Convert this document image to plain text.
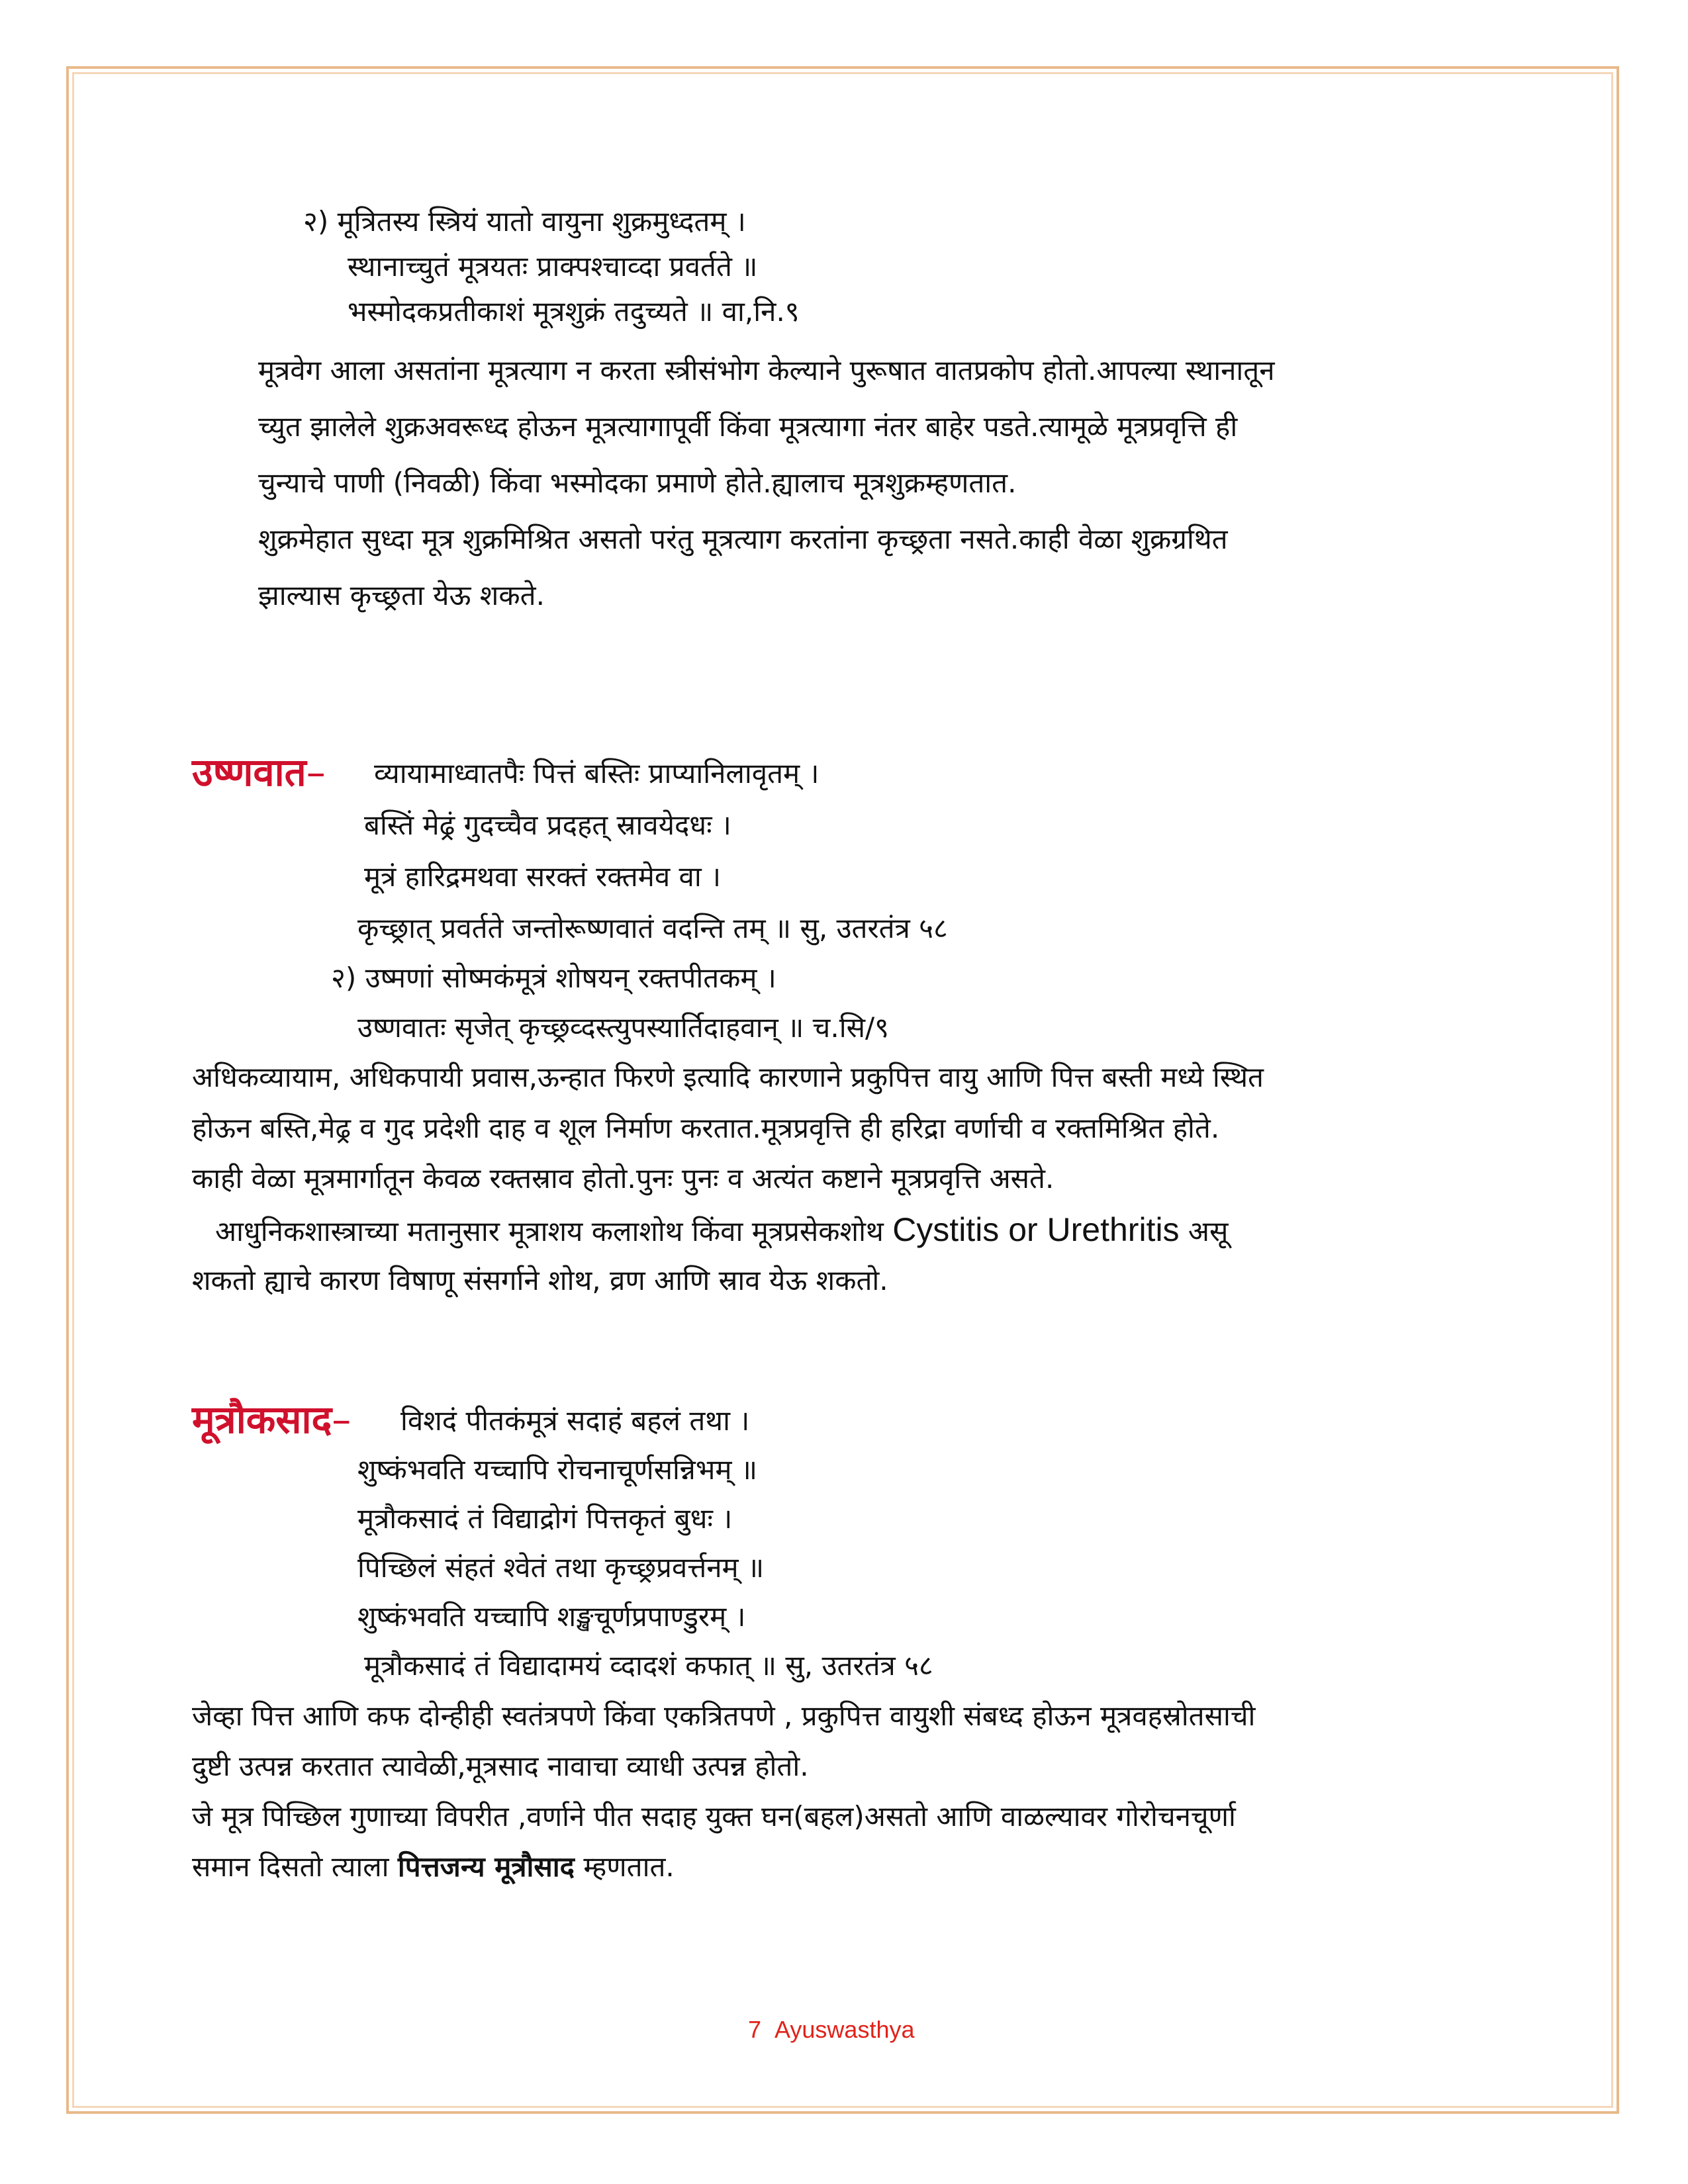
२) मूत्रितस्य स्त्रियं यातो वायुना शुक्रमुध्दतम् ।
स्थानाच्चुतं मूत्रयतः प्राक्पश्चाव्दा प्रवर्तते ॥
भस्मोदकप्रतीकाशं मूत्रशुक्रं तदुच्यते ॥ वा,नि.९
मूत्रवेग आला असतांना मूत्रत्याग न करता स्त्रीसंभोग केल्याने पुरूषात वातप्रकोप होतो.आपल्या स्थानातून
च्युत झालेले शुक्रअवरूध्द होऊन मूत्रत्यागापूर्वी किंवा मूत्रत्यागा नंतर बाहेर पडते.त्यामूळे मूत्रप्रवृत्ति ही
चुन्याचे पाणी (निवळी) किंवा भस्मोदका प्रमाणे होते.ह्यालाच मूत्रशुक्रम्हणतात.
शुक्रमेहात सुध्दा मूत्र शुक्रमिश्रित असतो परंतु मूत्रत्याग करतांना कृच्छ्रता नसते.काही वेळा शुक्रग्रथित
झाल्यास कृच्छ्रता येऊ शकते.
उष्णवात– व्यायामाध्वातपैः पित्तं बस्तिः प्राप्यानिलावृतम् ।
बस्तिं मेढ्रं गुदच्चैव प्रदहत् स्रावयेदधः ।
मूत्रं हारिद्रमथवा सरक्तं रक्तमेव वा ।
कृच्छ्रात् प्रवर्तते जन्तोरूष्णवातं वदन्ति तम् ॥ सु, उतरतंत्र ५८
२) उष्मणां सोष्मकंमूत्रं शोषयन् रक्तपीतकम् ।
उष्णवातः सृजेत् कृच्छ्रव्दस्त्युपस्यार्तिदाहवान् ॥ च.सि/९
अधिकव्यायाम, अधिकपायी प्रवास,ऊन्हात फिरणे इत्यादि कारणाने प्रकुपित्त वायु आणि पित्त बस्ती मध्ये स्थित
होऊन बस्ति,मेढ्र व गुद प्रदेशी दाह व शूल निर्माण करतात.मूत्रप्रवृत्ति ही हरिद्रा वर्णाची व रक्तमिश्रित होते.
काही वेळा मूत्रमार्गातून केवळ रक्तस्राव होतो.पुनः पुनः व अत्यंत कष्टाने मूत्रप्रवृत्ति असते.
आधुनिकशास्त्राच्या मतानुसार मूत्राशय कलाशोथ किंवा मूत्रप्रसेकशोथ Cystitis or Urethritis असू
शकतो ह्याचे कारण विषाणू संसर्गाने शोथ, व्रण आणि स्राव येऊ शकतो.
मूत्रौकसाद– विशदं पीतकंमूत्रं सदाहं बहलं तथा ।
शुष्कंभवति यच्चापि रोचनाचूर्णसन्निभम् ॥
मूत्रौकसादं तं विद्याद्रोगं पित्तकृतं बुधः ।
पिच्छिलं संहतं श्वेतं तथा कृच्छ्रप्रवर्त्तनम् ॥
शुष्कंभवति यच्चापि शङ्खचूर्णप्रपाण्डुरम् ।
मूत्रौकसादं तं विद्यादामयं व्दादशं कफात् ॥ सु, उतरतंत्र ५८
जेव्हा पित्त आणि कफ दोन्हीही स्वतंत्रपणे किंवा एकत्रितपणे , प्रकुपित्त वायुशी संबध्द होऊन मूत्रवहस्रोतसाची
दुष्टी उत्पन्न करतात त्यावेळी,मूत्रसाद नावाचा व्याधी उत्पन्न होतो.
जे मूत्र पिच्छिल गुणाच्या विपरीत ,वर्णाने पीत सदाह युक्त घन(बहल)असतो आणि वाळल्यावर गोरोचनचूर्णा
समान दिसतो त्याला पित्तजन्य मूत्रौसाद म्हणतात.
7 Ayuswasthya
